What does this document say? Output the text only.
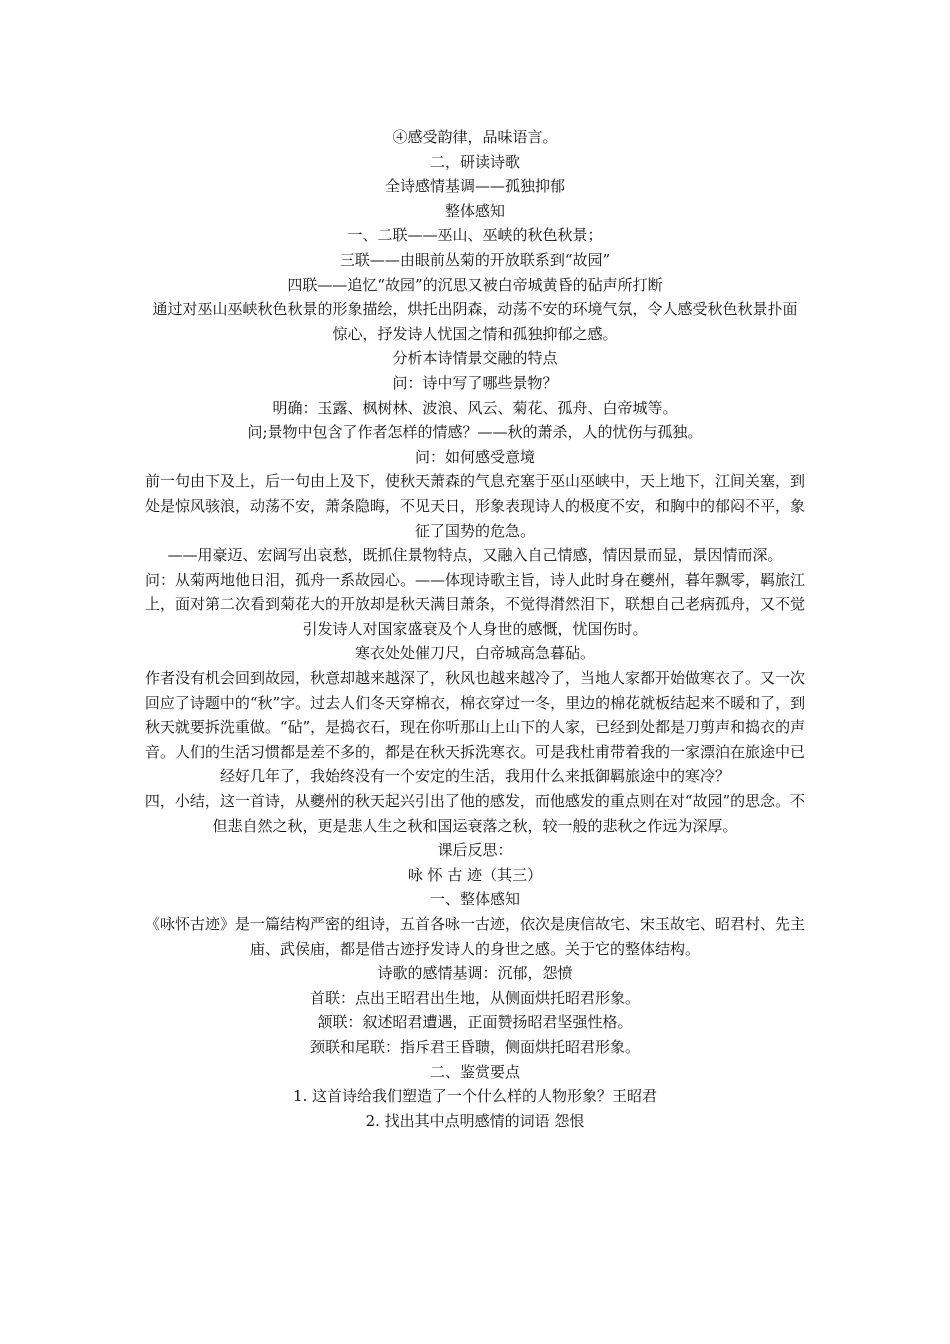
④感受韵律，品味语言。
二，研读诗歌
全诗感情基调——孤独抑郁
整体感知
一、二联——巫山、巫峡的秋色秋景；
三联——由眼前丛菊的开放联系到“故园”
四联——追忆“故园”的沉思又被白帝城黄昏的砧声所打断
通过对巫山巫峡秋色秋景的形象描绘，烘托出阴森，动荡不安的环境气氛，令人感受秋色秋景扑面惊心，抒发诗人忧国之情和孤独抑郁之感。
分析本诗情景交融的特点
问：诗中写了哪些景物？
明确：玉露、枫树林、波浪、风云、菊花、孤舟、白帝城等。
问;景物中包含了作者怎样的情感？——秋的萧杀，人的忧伤与孤独。
问：如何感受意境
前一句由下及上，后一句由上及下，使秋天萧森的气息充塞于巫山巫峡中，天上地下，江间关塞，到处是惊风骇浪，动荡不安，萧条隐晦，不见天日，形象表现诗人的极度不安，和胸中的郁闷不平，象征了国势的危急。
——用豪迈、宏阔写出哀愁，既抓住景物特点，又融入自己情感，情因景而显，景因情而深。
问：从菊两地他日泪，孤舟一系故园心。——体现诗歌主旨，诗人此时身在夔州，暮年飘零，羁旅江上，面对第二次看到菊花大的开放却是秋天满目萧条，不觉得潸然泪下，联想自己老病孤舟，又不觉引发诗人对国家盛衰及个人身世的感慨，忧国伤时。
寒衣处处催刀尺，白帝城高急暮砧。
作者没有机会回到故园，秋意却越来越深了，秋风也越来越冷了，当地人家都开始做寒衣了。又一次回应了诗题中的“秋”字。过去人们冬天穿棉衣，棉衣穿过一冬，里边的棉花就板结起来不暖和了，到秋天就要拆洗重做。“砧”，是捣衣石，现在你听那山上山下的人家，已经到处都是刀剪声和捣衣的声音。人们的生活习惯都是差不多的，都是在秋天拆洗寒衣。可是我杜甫带着我的一家漂泊在旅途中已经好几年了，我始终没有一个安定的生活，我用什么来抵御羁旅途中的寒冷？
四，小结，这一首诗，从夔州的秋天起兴引出了他的感发，而他感发的重点则在对“故园”的思念。不但悲自然之秋，更是悲人生之秋和国运衰落之秋，较一般的悲秋之作远为深厚。
课后反思：
咏 怀 古 迹（其三）
一、整体感知
《咏怀古迹》是一篇结构严密的组诗，五首各咏一古迹，依次是庚信故宅、宋玉故宅、昭君村、先主庙、武侯庙，都是借古迹抒发诗人的身世之感。关于它的整体结构。
诗歌的感情基调：沉郁，怨愤
首联：点出王昭君出生地，从侧面烘托昭君形象。
颔联：叙述昭君遭遇，正面赞扬昭君坚强性格。
颈联和尾联：指斥君王昏聩，侧面烘托昭君形象。
二、鉴赏要点
1. 这首诗给我们塑造了一个什么样的人物形象？王昭君
2. 找出其中点明感情的词语 怨恨
